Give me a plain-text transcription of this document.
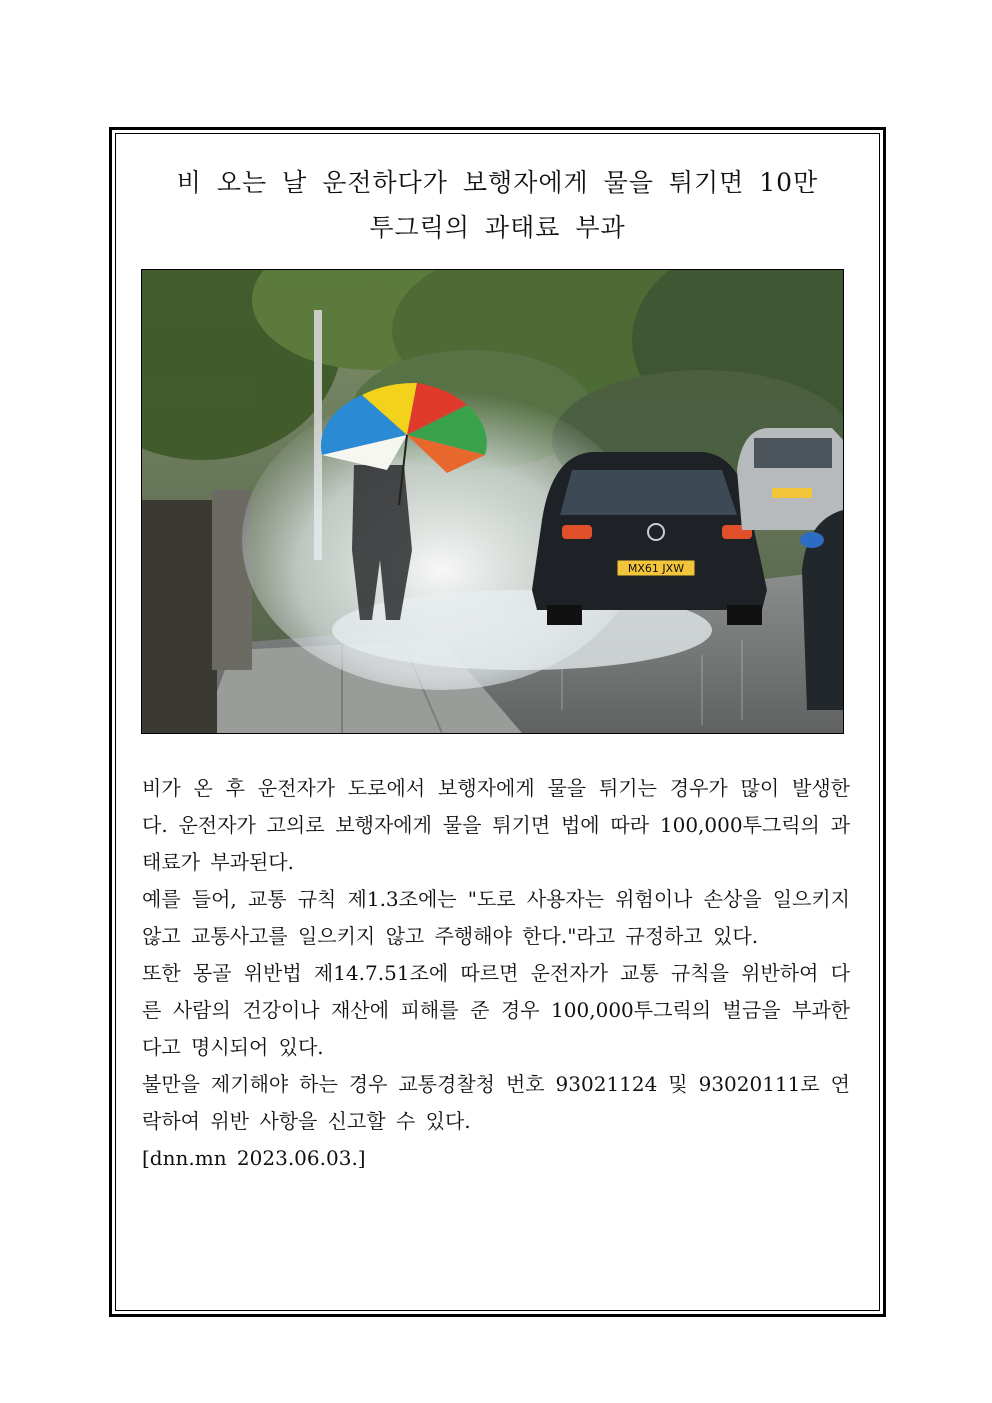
비 오는 날 운전하다가 보행자에게 물을 튀기면 10만
투그릭의 과태료 부과
MX61 JXW

비가 온 후 운전자가 도로에서 보행자에게 물을 튀기는 경우가 많이 발생한다. 운전자가 고의로 보행자에게 물을 튀기면 법에 따라 100,000투그릭의 과태료가 부과된다.

예를 들어, 교통 규칙 제1.3조에는 "도로 사용자는 위험이나 손상을 일으키지 않고 교통사고를 일으키지 않고 주행해야 한다."라고 규정하고 있다.

또한 몽골 위반법 제14.7.51조에 따르면 운전자가 교통 규칙을 위반하여 다른 사람의 건강이나 재산에 피해를 준 경우 100,000투그릭의 벌금을 부과한다고 명시되어 있다.

불만을 제기해야 하는 경우 교통경찰청 번호 93021124 및 93020111로 연락하여 위반 사항을 신고할 수 있다.

[dnn.mn 2023.06.03.]
